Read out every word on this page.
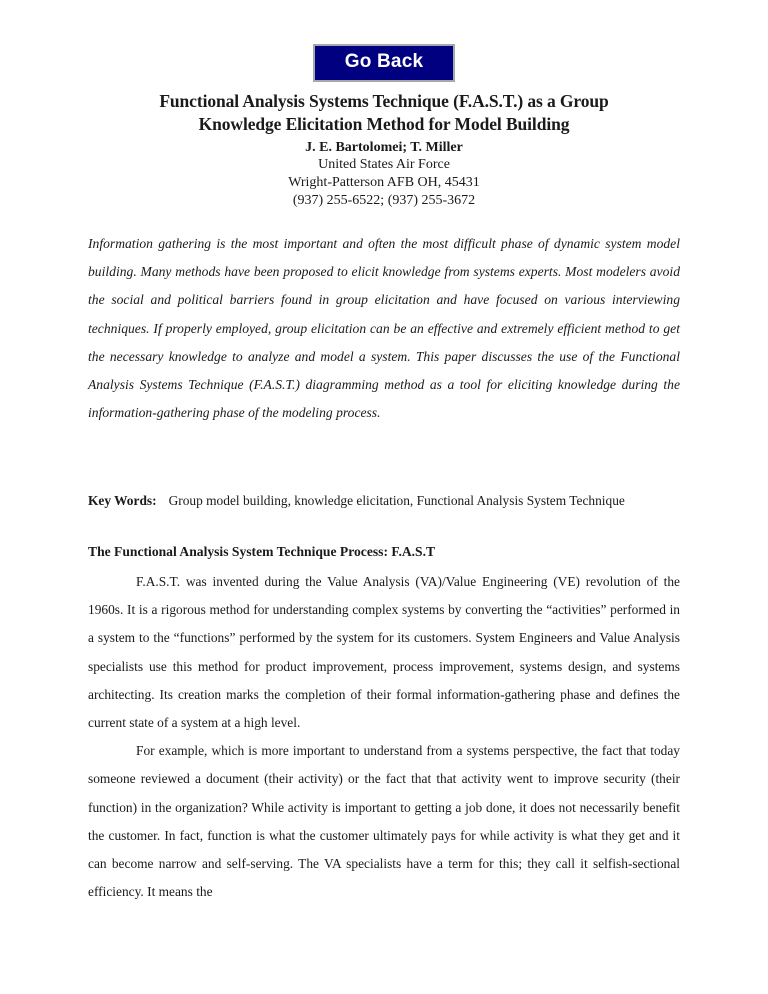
Go Back
Functional Analysis Systems Technique (F.A.S.T.) as a Group
Knowledge Elicitation Method for Model Building
J. E. Bartolomei; T. Miller
United States Air Force
Wright-Patterson AFB OH, 45431
(937) 255-6522; (937) 255-3672

Information gathering is the most important and often the most difficult phase of dynamic system model building. Many methods have been proposed to elicit knowledge from systems experts. Most modelers avoid the social and political barriers found in group elicitation and have focused on various interviewing techniques. If properly employed, group elicitation can be an effective and extremely efficient method to get the necessary knowledge to analyze and model a system. This paper discusses the use of the Functional Analysis Systems Technique (F.A.S.T.) diagramming method as a tool for eliciting knowledge during the information-gathering phase of the modeling process.

Key Words: Group model building, knowledge elicitation, Functional Analysis System Technique

The Functional Analysis System Technique Process: F.A.S.T

F.A.S.T. was invented during the Value Analysis (VA)/Value Engineering (VE) revolution of the 1960s. It is a rigorous method for understanding complex systems by converting the “activities” performed in a system to the “functions” performed by the system for its customers. System Engineers and Value Analysis specialists use this method for product improvement, process improvement, systems design, and systems architecting. Its creation marks the completion of their formal information-gathering phase and defines the current state of a system at a high level.

For example, which is more important to understand from a systems perspective, the fact that today someone reviewed a document (their activity) or the fact that that activity went to improve security (their function) in the organization? While activity is important to getting a job done, it does not necessarily benefit the customer. In fact, function is what the customer ultimately pays for while activity is what they get and it can become narrow and self-serving. The VA specialists have a term for this; they call it selfish-sectional efficiency. It means the
